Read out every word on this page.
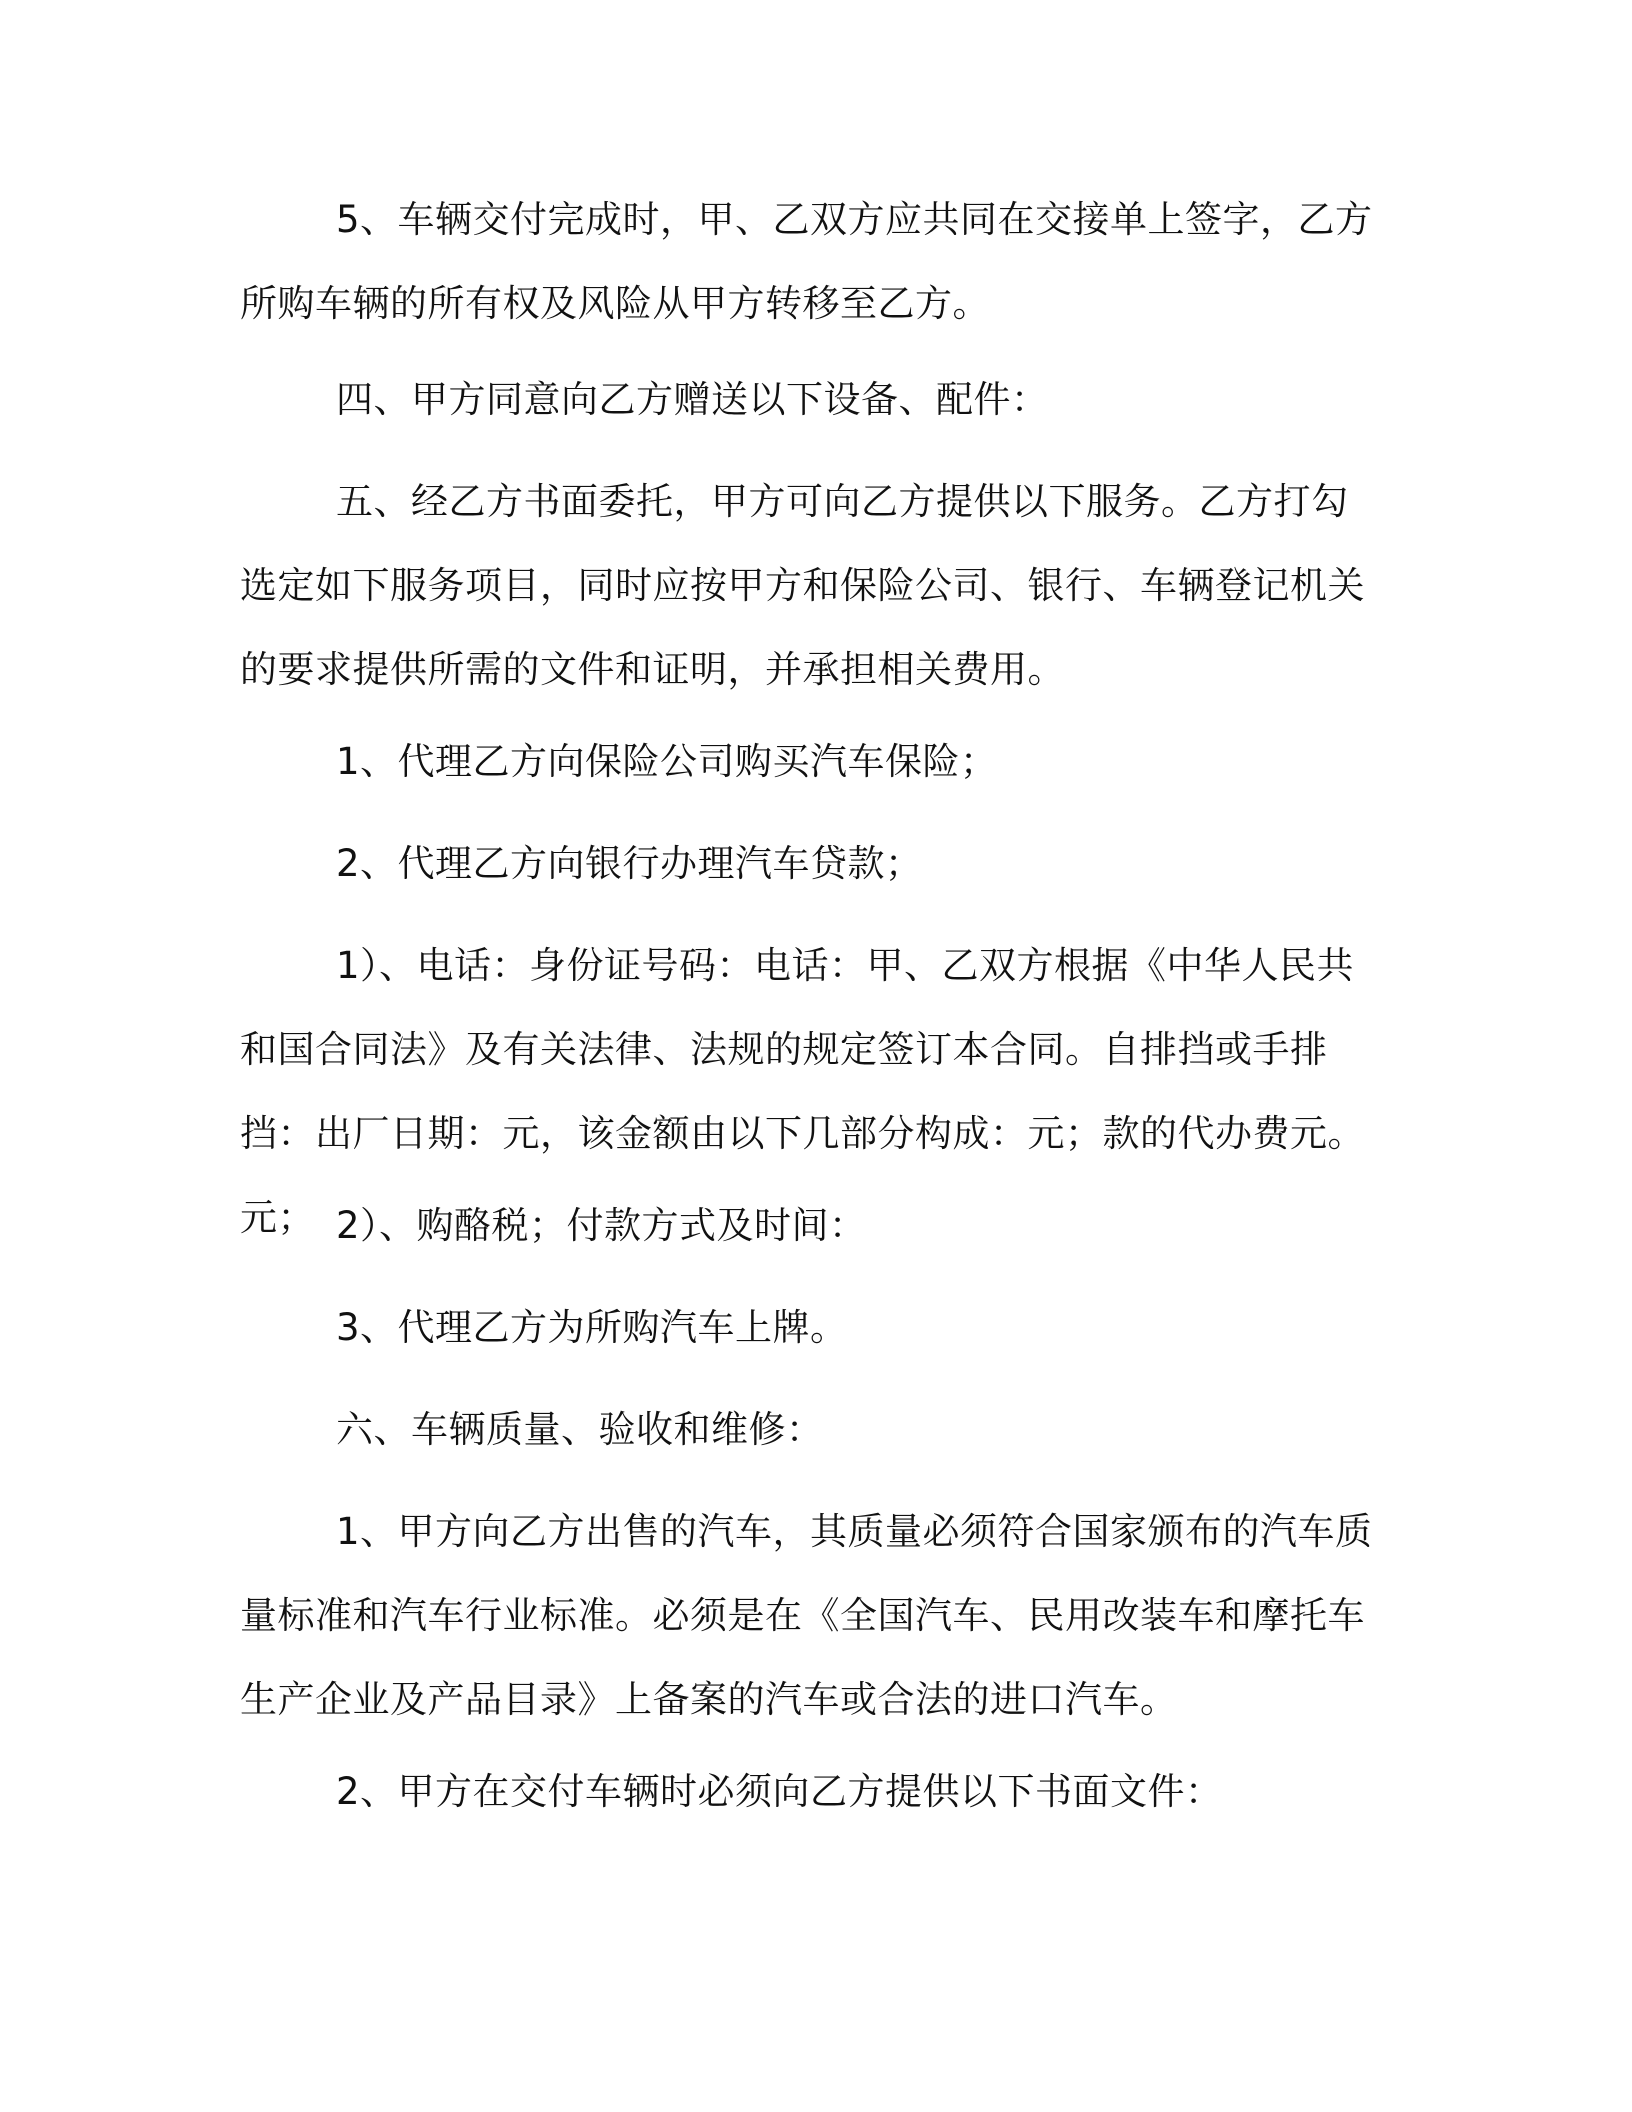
5、车辆交付完成时，甲、乙双方应共同在交接单上签字，乙方所购车辆的所有权及风险从甲方转移至乙方。

四、甲方同意向乙方赠送以下设备、配件：

五、经乙方书面委托，甲方可向乙方提供以下服务。乙方打勾选定如下服务项目，同时应按甲方和保险公司、银行、车辆登记机关的要求提供所需的文件和证明，并承担相关费用。

1、代理乙方向保险公司购买汽车保险；

2、代理乙方向银行办理汽车贷款；

1）、电话：身份证号码：电话：甲、乙双方根据《中华人民共和国合同法》及有关法律、法规的规定签订本合同。自排挡或手排挡：出厂日期：元，该金额由以下几部分构成：元；款的代办费元。元； 2）、购酪税；付款方式及时间：

3、代理乙方为所购汽车上牌。

六、车辆质量、验收和维修：

1、甲方向乙方出售的汽车，其质量必须符合国家颁布的汽车质量标准和汽车行业标准。必须是在《全国汽车、民用改装车和摩托车生产企业及产品目录》上备案的汽车或合法的进口汽车。

2、甲方在交付车辆时必须向乙方提供以下书面文件：
